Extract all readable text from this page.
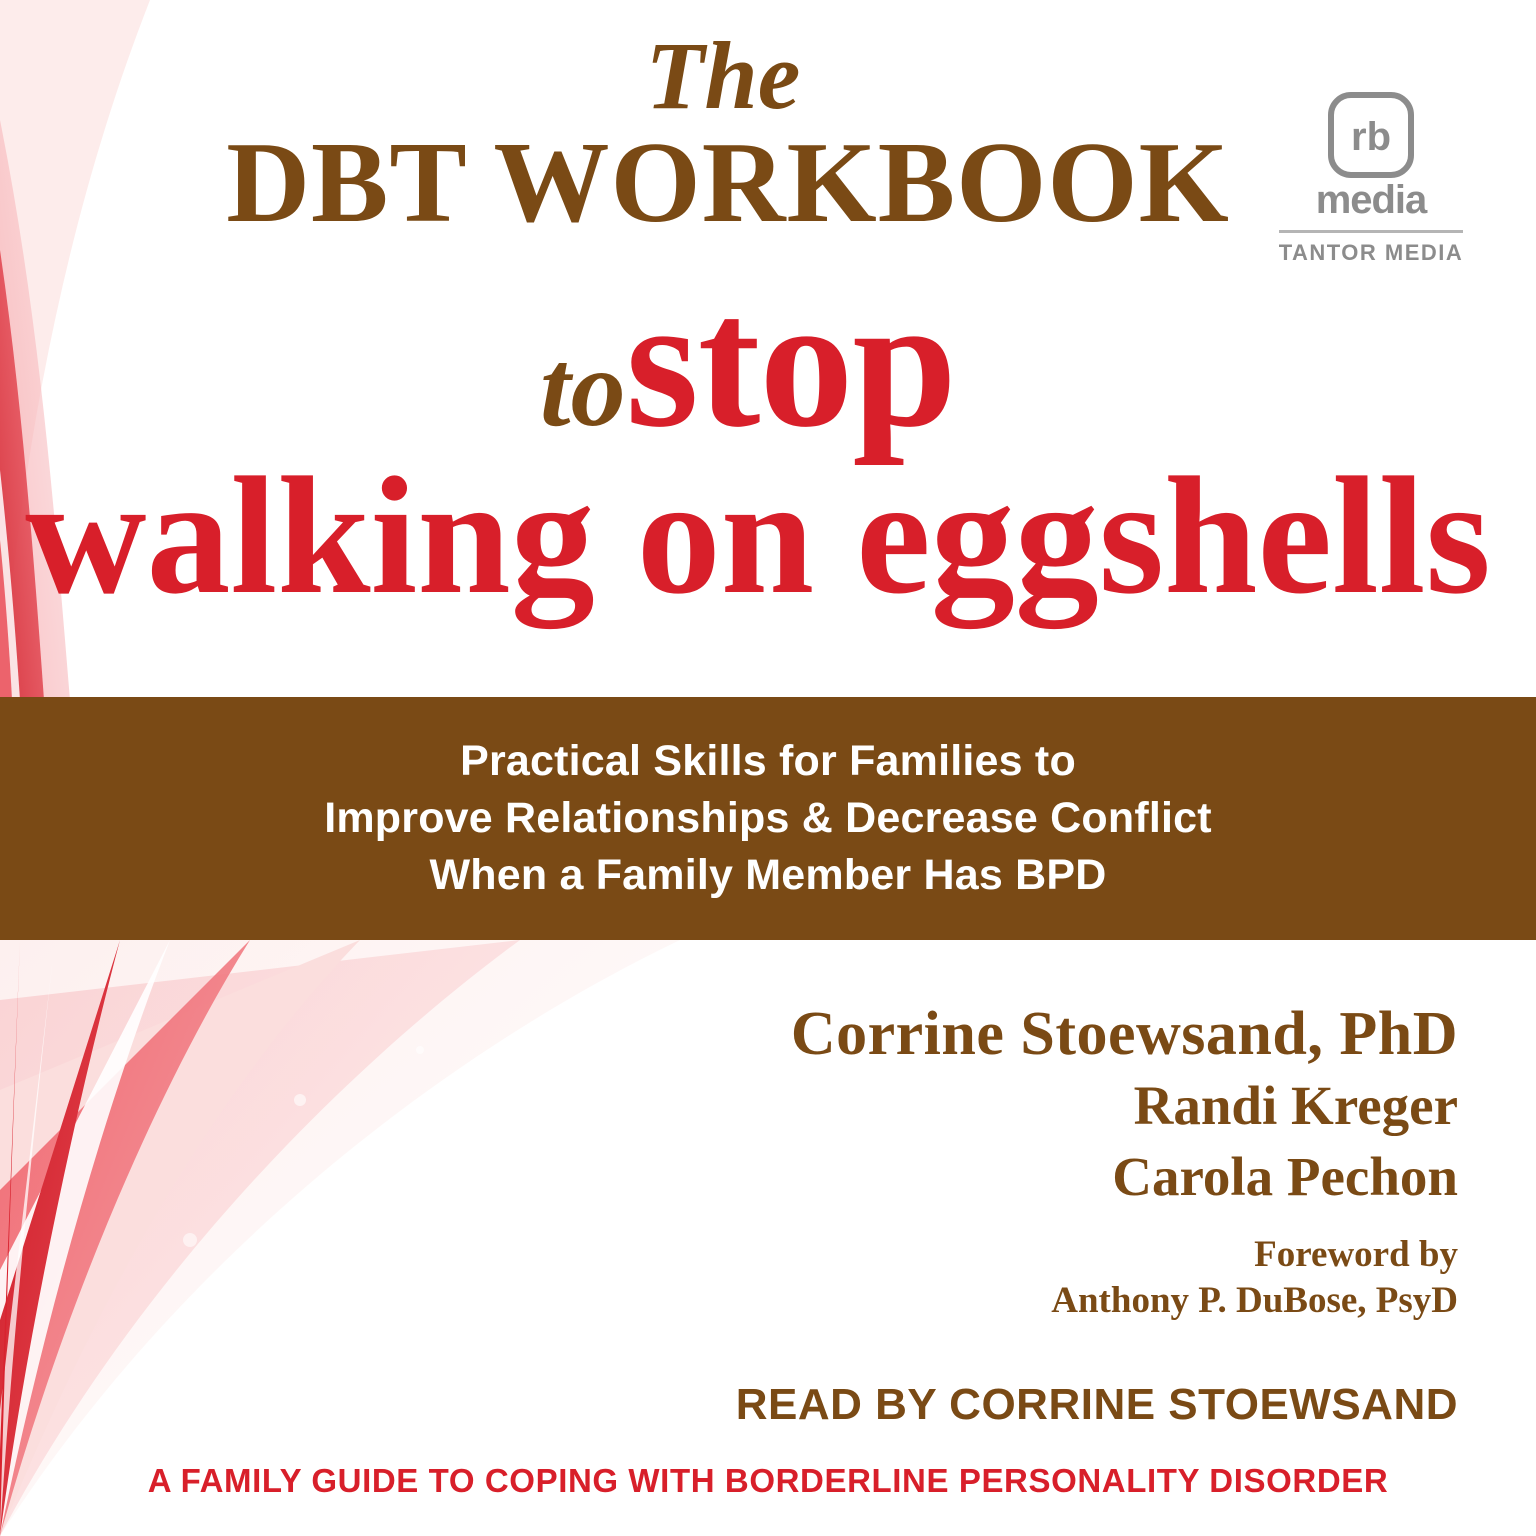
The
DBT WORKBOOK
tostop
walking on eggshells
rb
media
TANTOR MEDIA
Practical Skills for Families to
Improve Relationships & Decrease Conflict
When a Family Member Has BPD
Corrine Stoewsand, PhD
Randi Kreger
Carola Pechon
Foreword by
Anthony P. DuBose, PsyD
READ BY CORRINE STOEWSAND
A FAMILY GUIDE TO COPING WITH BORDERLINE PERSONALITY DISORDER
